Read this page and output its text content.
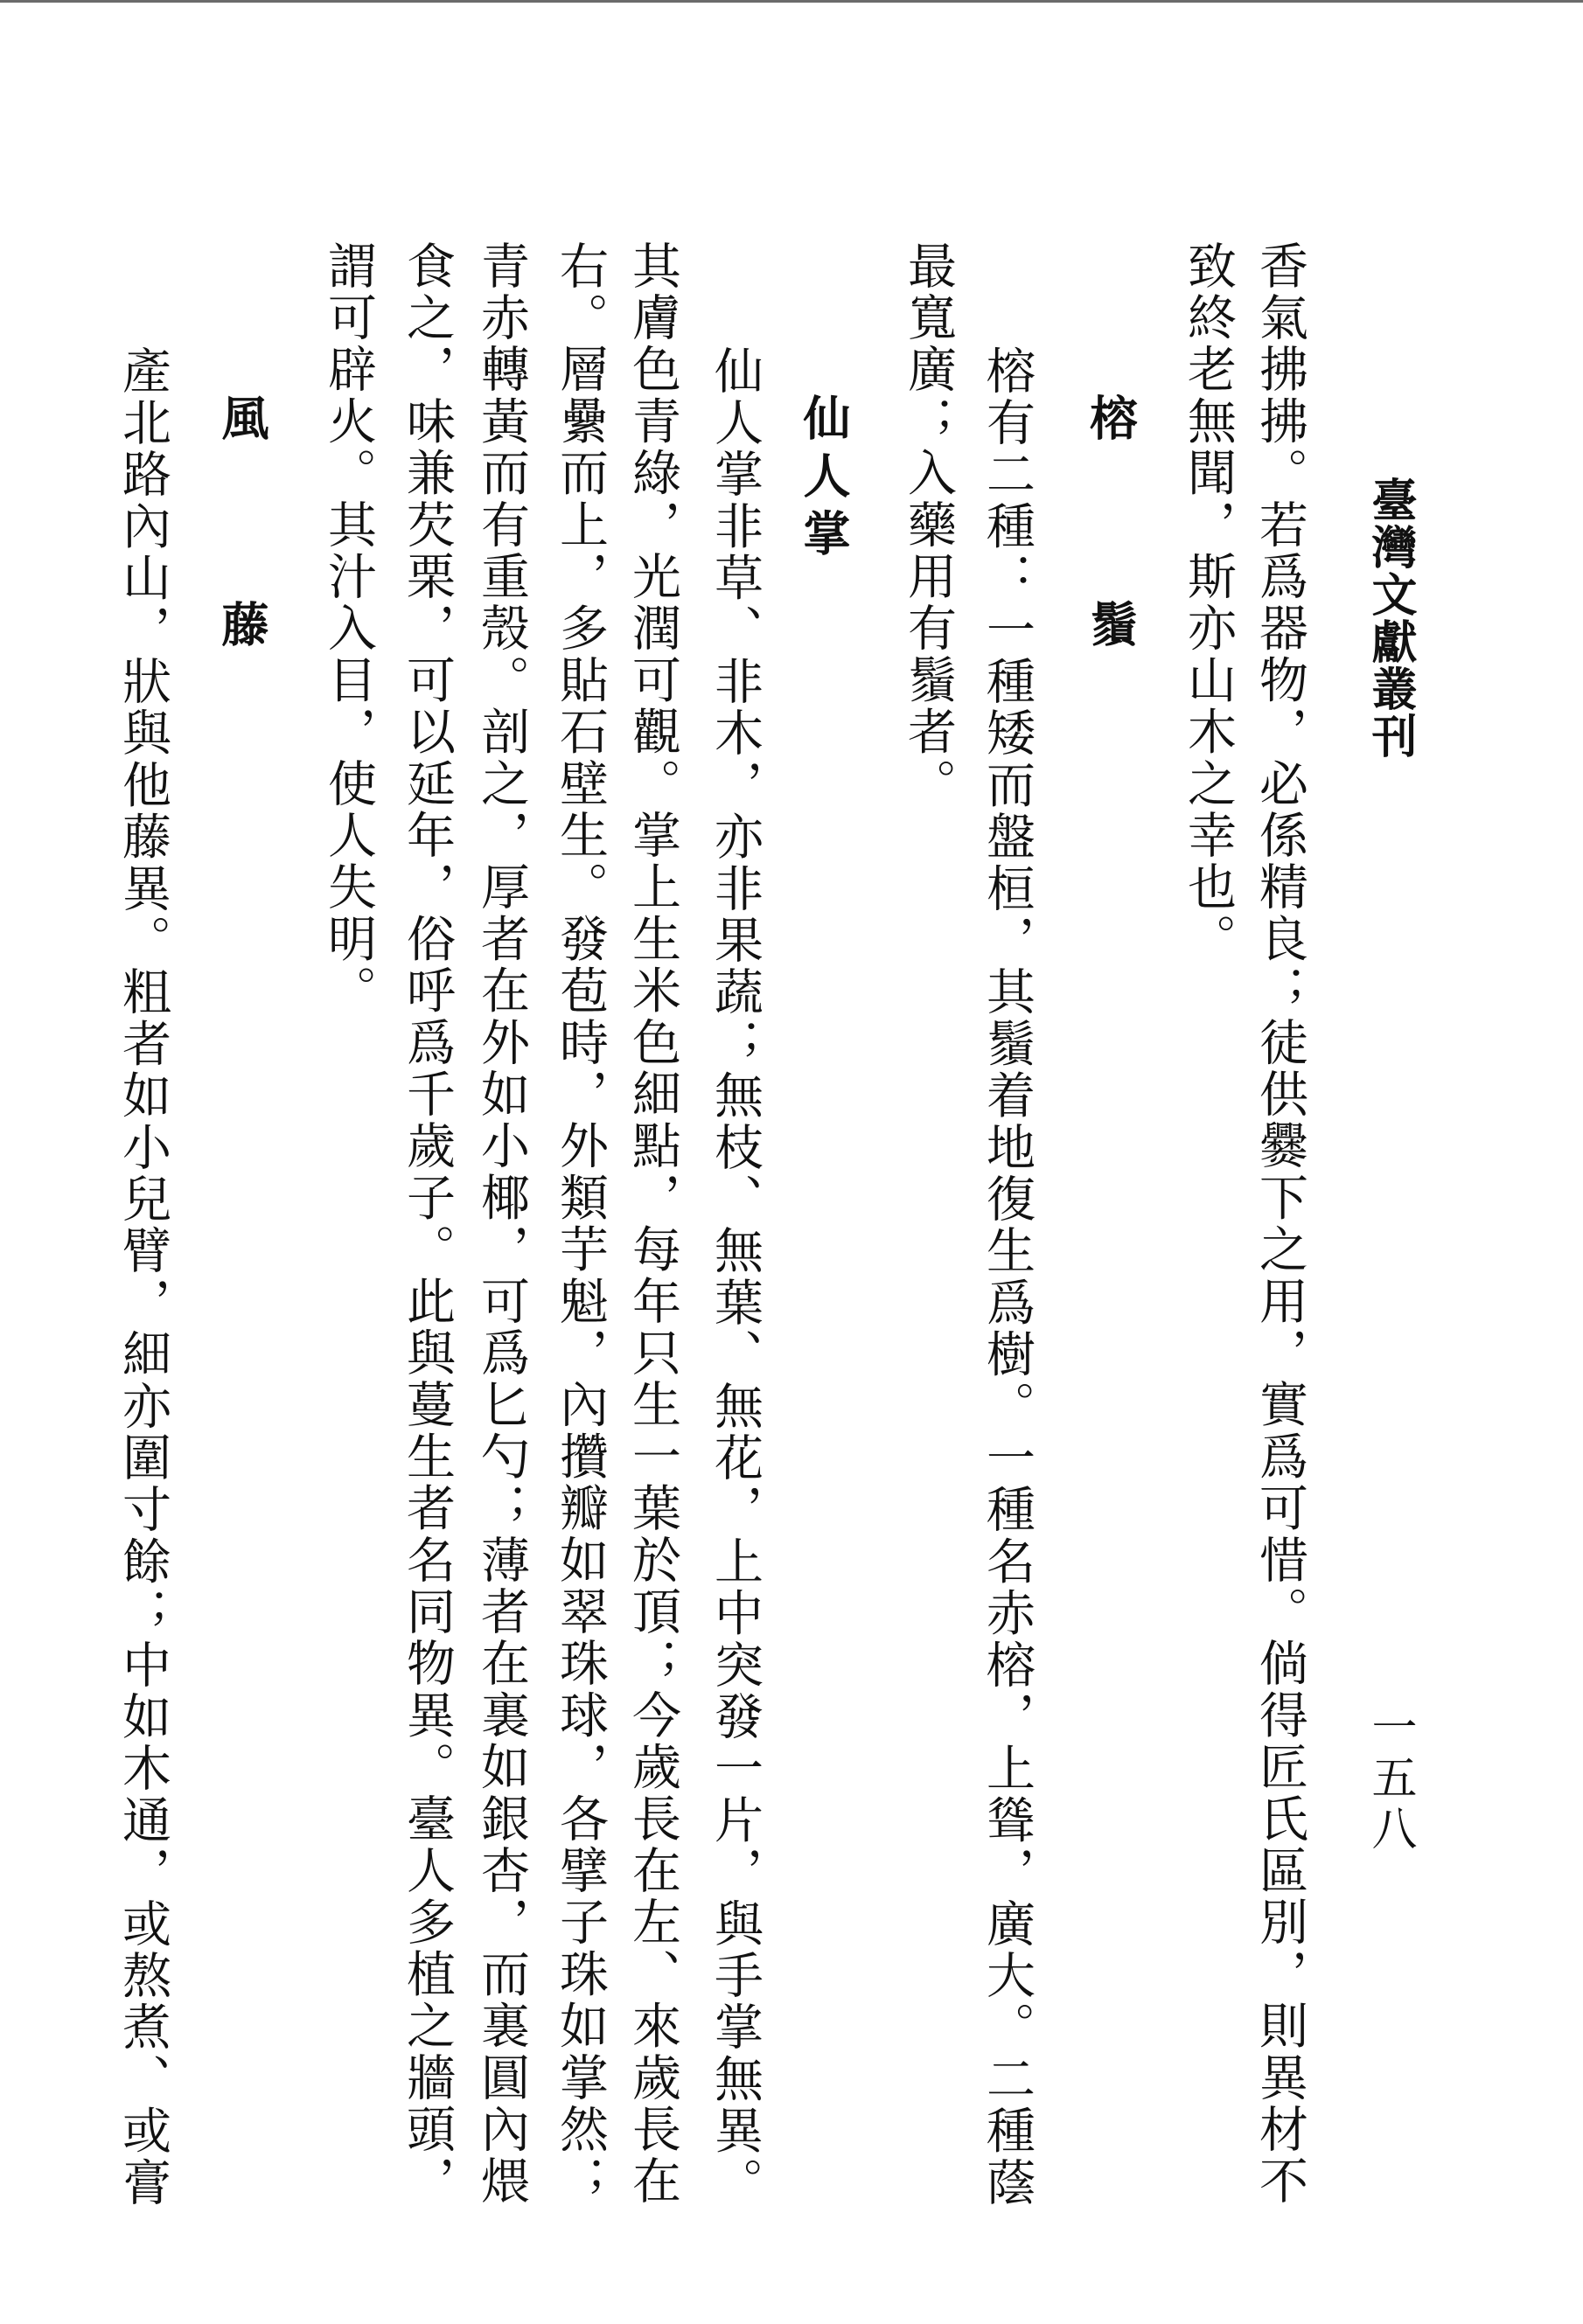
臺灣文獻叢刊
一五八
香氣拂拂。若爲器物，必係精良；徒供爨下之用，實爲可惜。倘得匠氏區別，則異材不
致終老無聞，斯亦山木之幸也。
榕　鬚
榕有二種：一種矮而盤桓，其鬚着地復生爲樹。一種名赤榕，上聳，廣大。二種蔭
最寬廣；入藥用有鬚者。
仙人掌
仙人掌非草、非木，亦非果蔬；無枝、無葉、無花，上中突發一片，與手掌無異。
其膚色青綠，光潤可觀。掌上生米色細點，每年只生一葉於頂；今歲長在左、來歲長在
右。層纍而上，多貼石壁生。發苞時，外類芋魁，內攢瓣如翠珠球，各擘子珠如掌然；
青赤轉黃而有重殼。剖之，厚者在外如小椰，可爲匕勺；薄者在裏如銀杏，而裏圓內煨
食之，味兼芡栗，可以延年，俗呼爲千歲子。此與蔓生者名同物異。臺人多植之牆頭，
謂可辟火。其汁入目，使人失明。
風　藤
產北路內山，狀與他藤異。粗者如小兒臂，細亦圍寸餘；中如木通，或熬煮、或膏
